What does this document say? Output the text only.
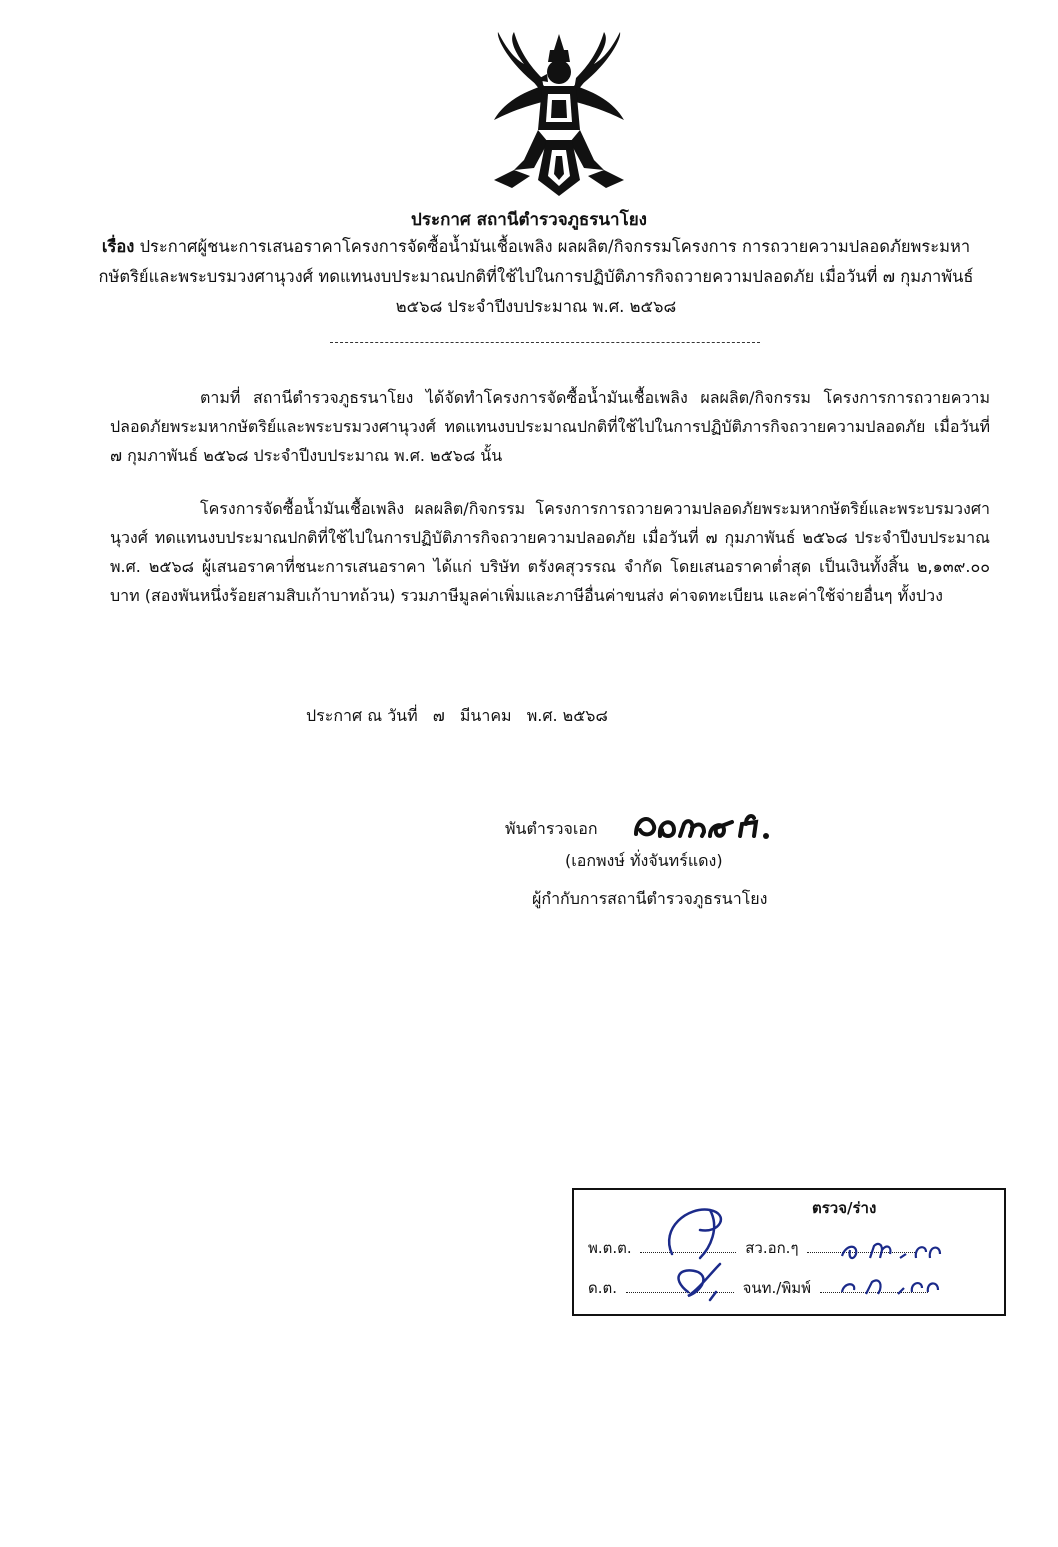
ประกาศ สถานีตำรวจภูธรนาโยง
เรื่อง ประกาศผู้ชนะการเสนอราคาโครงการจัดซื้อน้ำมันเชื้อเพลิง ผลผลิต/กิจกรรมโครงการ การถวายความปลอดภัยพระมหากษัตริย์และพระบรมวงศานุวงศ์ ทดแทนงบประมาณปกติที่ใช้ไปในการปฏิบัติภารกิจถวายความปลอดภัย เมื่อวันที่ ๗ กุมภาพันธ์ ๒๕๖๘ ประจำปีงบประมาณ พ.ศ. ๒๕๖๘
ตามที่ สถานีตำรวจภูธรนาโยง ได้จัดทำโครงการจัดซื้อน้ำมันเชื้อเพลิง ผลผลิต/กิจกรรม โครงการการถวายความปลอดภัยพระมหากษัตริย์และพระบรมวงศานุวงศ์ ทดแทนงบประมาณปกติที่ใช้ไปในการปฏิบัติภารกิจถวายความปลอดภัย เมื่อวันที่ ๗ กุมภาพันธ์ ๒๕๖๘ ประจำปีงบประมาณ พ.ศ. ๒๕๖๘ นั้น
โครงการจัดซื้อน้ำมันเชื้อเพลิง ผลผลิต/กิจกรรม โครงการการถวายความปลอดภัยพระมหากษัตริย์และพระบรมวงศานุวงศ์ ทดแทนงบประมาณปกติที่ใช้ไปในการปฏิบัติภารกิจถวายความปลอดภัย เมื่อวันที่ ๗ กุมภาพันธ์ ๒๕๖๘ ประจำปีงบประมาณ พ.ศ. ๒๕๖๘ ผู้เสนอราคาที่ชนะการเสนอราคา ได้แก่ บริษัท ตรังคสุวรรณ จำกัด โดยเสนอราคาต่ำสุด เป็นเงินทั้งสิ้น ๒,๑๓๙.๐๐ บาท (สองพันหนึ่งร้อยสามสิบเก้าบาทถ้วน) รวมภาษีมูลค่าเพิ่มและภาษีอื่นค่าขนส่ง ค่าจดทะเบียน และค่าใช้จ่ายอื่นๆ ทั้งปวง
ประกาศ ณ วันที่ ๗ มีนาคม พ.ศ. ๒๕๖๘
พันตำรวจเอก
(เอกพงษ์ ทั่งจันทร์แดง)
ผู้กำกับการสถานีตำรวจภูธรนาโยง
ตรวจ/ร่าง
พ.ต.ต.	สว.อก.ๆ
ด.ต.	จนท./พิมพ์
